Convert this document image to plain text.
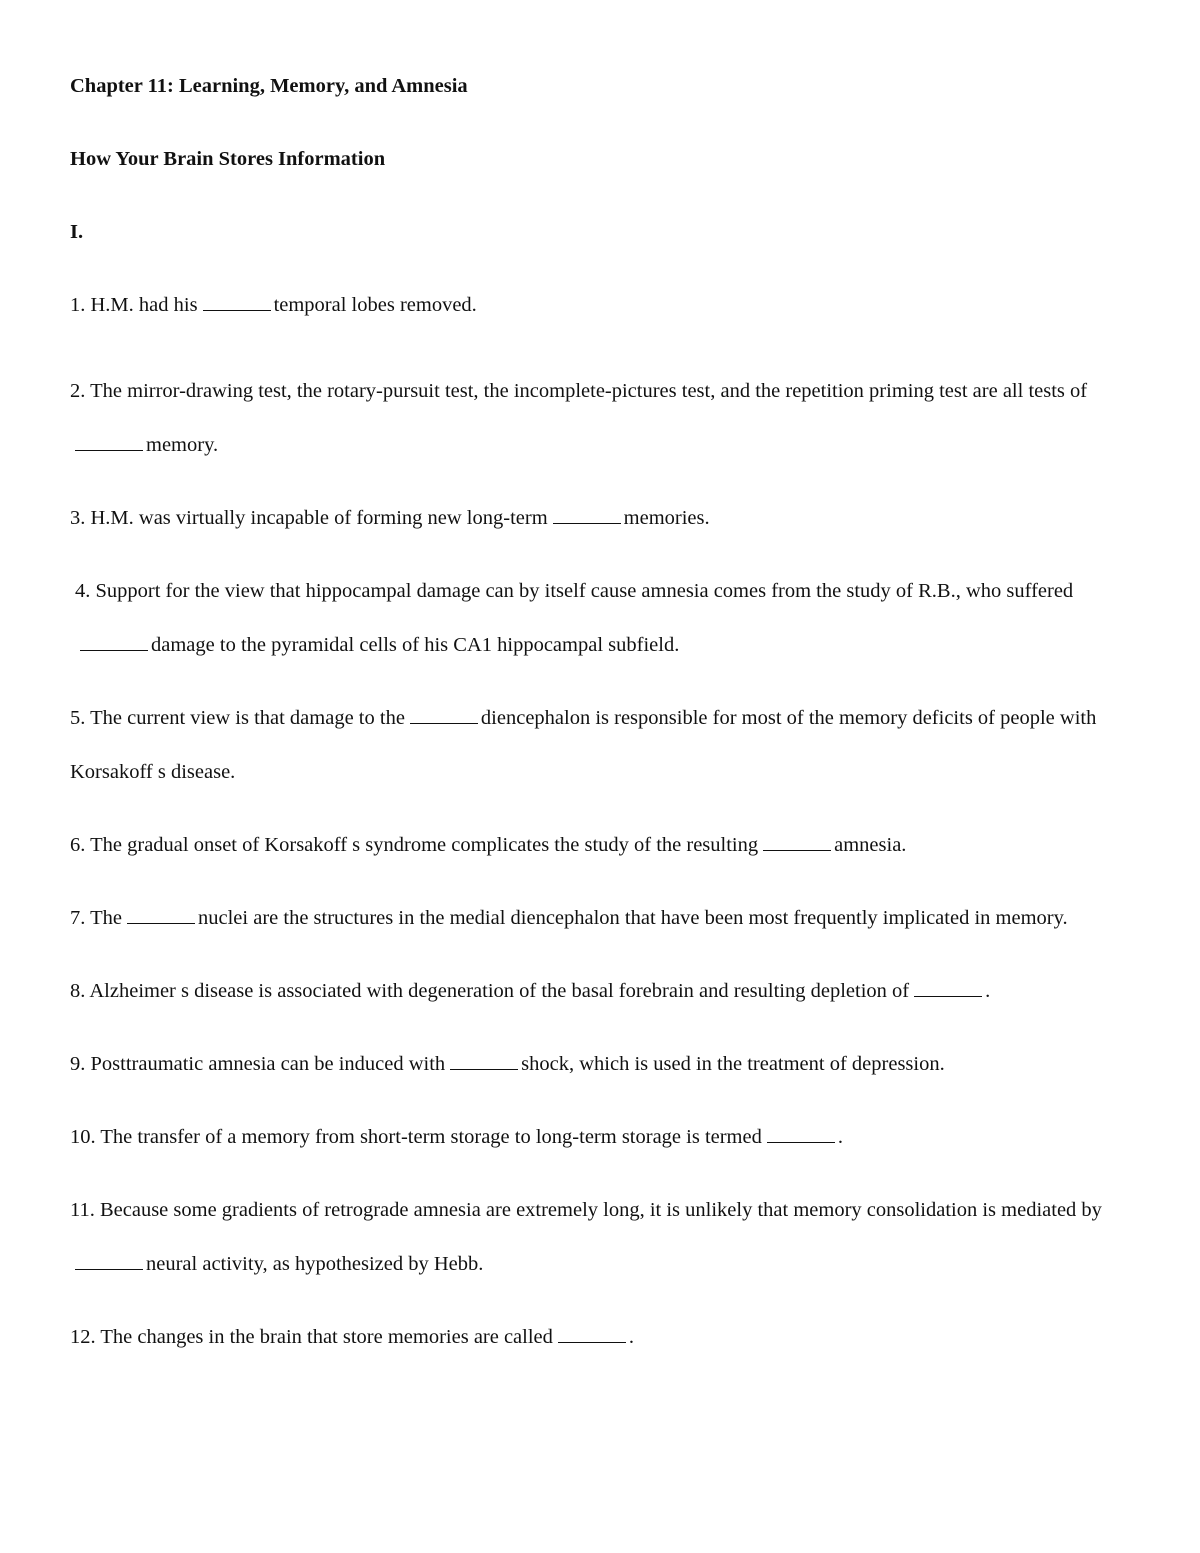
Chapter 11: Learning, Memory, and Amnesia

How Your Brain Stores Information

I.

1. H.M. had his	temporal lobes removed.
2. The mirror-drawing test, the rotary-pursuit test, the incomplete-pictures test, and the repetition priming test are all tests ofmemory.
3. H.M. was virtually incapable of forming new long-term	memories.
4. Support for the view that hippocampal damage can by itself cause amnesia comes from the study of R.B., who suffereddamage to the pyramidal cells of his CA1 hippocampal subfield.
5. The current view is that damage to the	diencephalon is responsible for most of the memory deficits of people with Korsakoff s disease.
6. The gradual onset of Korsakoff s syndrome complicates the study of the resulting	amnesia.
7. The	nuclei are the structures in the medial diencephalon that have been most frequently implicated in memory.
8. Alzheimer s disease is associated with degeneration of the basal forebrain and resulting depletion of	.
9. Posttraumatic amnesia can be induced with	shock, which is used in the treatment of depression.
10. The transfer of a memory from short-term storage to long-term storage is termed	.
11. Because some gradients of retrograde amnesia are extremely long, it is unlikely that memory consolidation is mediated byneural activity, as hypothesized by Hebb.
12. The changes in the brain that store memories are called	.
